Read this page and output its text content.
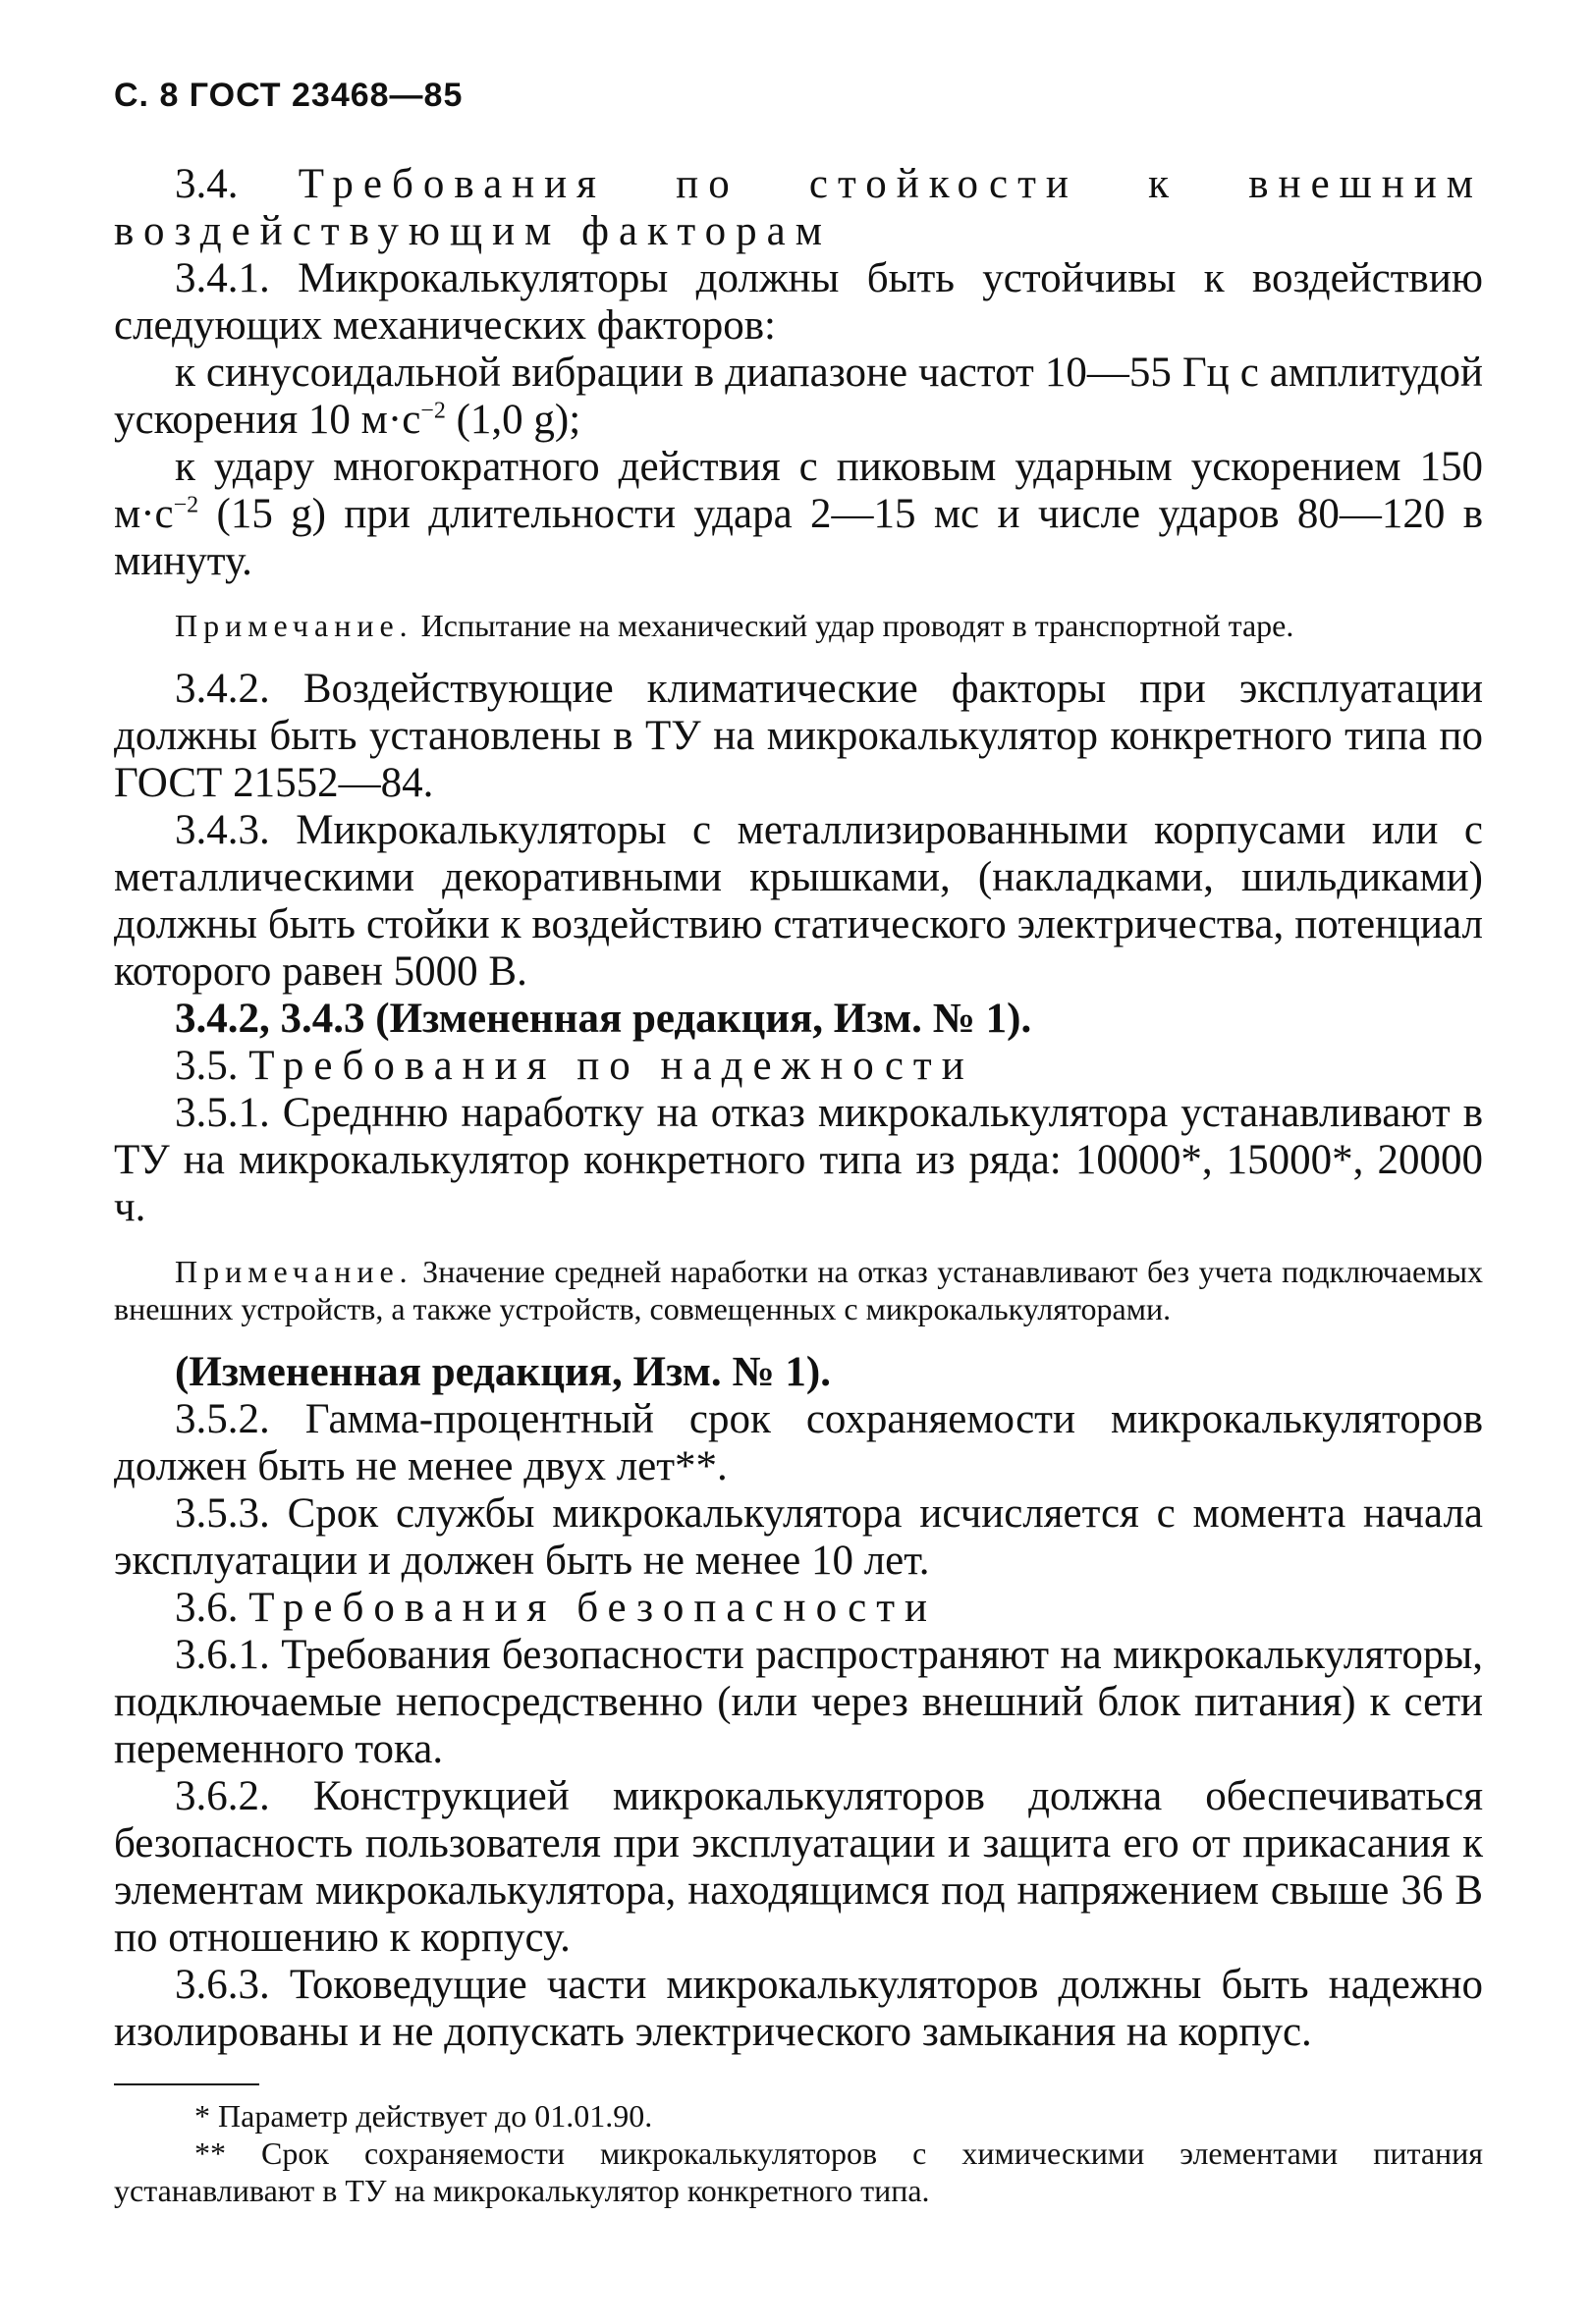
С. 8 ГОСТ 23468—85

3.4. Требования по стойкости к внешним воздействующим факторам

3.4.1. Микрокалькуляторы должны быть устойчивы к воздействию следующих механических факторов:

к синусоидальной вибрации в диапазоне частот 10—55 Гц с амплитудой ускорения 10 $м\cdot с^{-2}$ (1,0 g);

к удару многократного действия с пиковым ударным ускорением 150 $м\cdot с^{-2}$ (15 g) при длительности удара 2—15 мс и числе ударов 80—120 в минуту.

Примечание. Испытание на механический удар проводят в транспортной таре.

3.4.2. Воздействующие климатические факторы при эксплуатации должны быть установлены в ТУ на микрокалькулятор конкретного типа по ГОСТ 21552—84.

3.4.3. Микрокалькуляторы с металлизированными корпусами или с металлическими декоративными крышками, (накладками, шильдиками) должны быть стойки к воздействию статического электричества, потенциал которого равен 5000 В.

3.4.2, 3.4.3 (Измененная редакция, Изм. № 1).

3.5. Требования по надежности

3.5.1. Среднню наработку на отказ микрокалькулятора устанавливают в ТУ на микрокалькулятор конкретного типа из ряда: 10000*, 15000*, 20000 ч.

Примечание. Значение средней наработки на отказ устанавливают без учета подключаемых внешних устройств, а также устройств, совмещенных с микрокалькуляторами.

(Измененная редакция, Изм. № 1).

3.5.2. Гамма-процентный срок сохраняемости микрокалькуляторов должен быть не менее двух лет**.

3.5.3. Срок службы микрокалькулятора исчисляется с момента начала эксплуатации и должен быть не менее 10 лет.

3.6. Требования безопасности

3.6.1. Требования безопасности распространяют на микрокалькуляторы, подключаемые непосредственно (или через внешний блок питания) к сети переменного тока.

3.6.2. Конструкцией микрокалькуляторов должна обеспечиваться безопасность пользователя при эксплуатации и защита его от прикасания к элементам микрокалькулятора, находящимся под напряжением свыше 36 В по отношению к корпусу.

3.6.3. Токоведущие части микрокалькуляторов должны быть надежно изолированы и не допускать электрического замыкания на корпус.

* Параметр действует до 01.01.90.

** Срок сохраняемости микрокалькуляторов с химическими элементами питания устанавливают в ТУ на микрокалькулятор конкретного типа.
